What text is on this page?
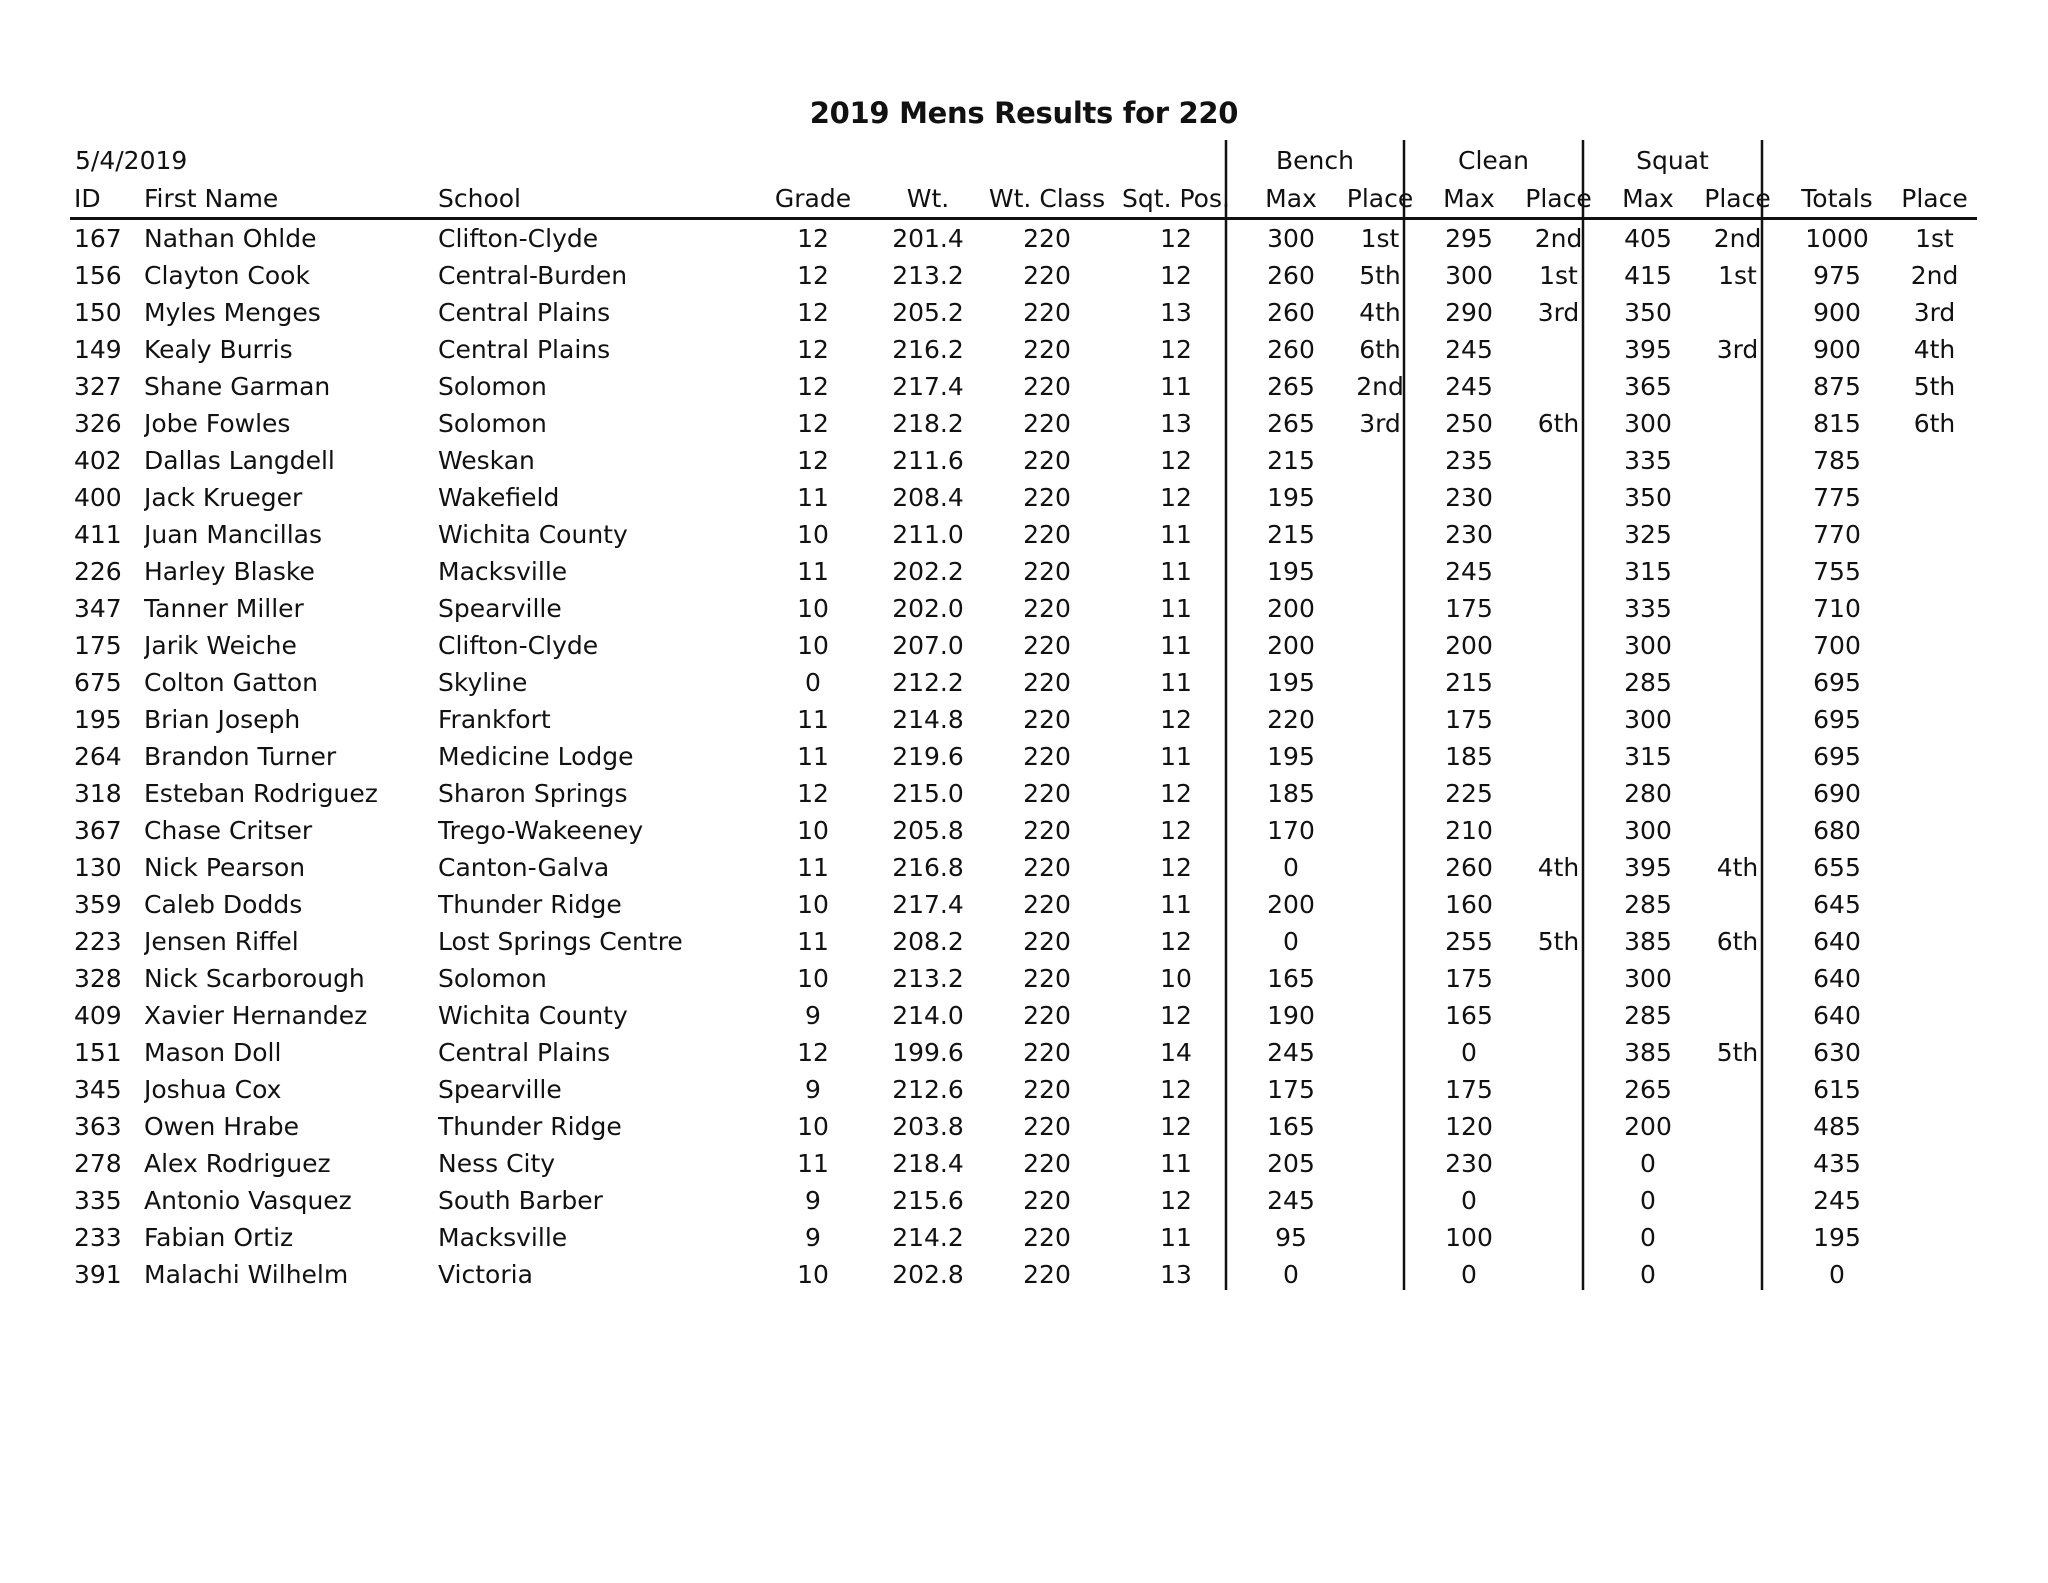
2019 Mens Results for 220
5/4/2019	Bench	Clean	Squat
ID	First Name	School	Grade	Wt.	Wt. Class	Sqt. Pos.	Max	Place	Max	Place	Max	Place	Totals	Place
167	Nathan Ohlde	Clifton-Clyde	12	201.4	220	12	300	1st	295	2nd	405	2nd	1000	1st
156	Clayton Cook	Central-Burden	12	213.2	220	12	260	5th	300	1st	415	1st	975	2nd
150	Myles Menges	Central Plains	12	205.2	220	13	260	4th	290	3rd	350		900	3rd
149	Kealy Burris	Central Plains	12	216.2	220	12	260	6th	245		395	3rd	900	4th
327	Shane Garman	Solomon	12	217.4	220	11	265	2nd	245		365		875	5th
326	Jobe Fowles	Solomon	12	218.2	220	13	265	3rd	250	6th	300		815	6th
402	Dallas Langdell	Weskan	12	211.6	220	12	215		235		335		785	
400	Jack Krueger	Wakefield	11	208.4	220	12	195		230		350		775	
411	Juan Mancillas	Wichita County	10	211.0	220	11	215		230		325		770	
226	Harley Blaske	Macksville	11	202.2	220	11	195		245		315		755	
347	Tanner Miller	Spearville	10	202.0	220	11	200		175		335		710	
175	Jarik Weiche	Clifton-Clyde	10	207.0	220	11	200		200		300		700	
675	Colton Gatton	Skyline	0	212.2	220	11	195		215		285		695	
195	Brian Joseph	Frankfort	11	214.8	220	12	220		175		300		695	
264	Brandon Turner	Medicine Lodge	11	219.6	220	11	195		185		315		695	
318	Esteban Rodriguez	Sharon Springs	12	215.0	220	12	185		225		280		690	
367	Chase Critser	Trego-Wakeeney	10	205.8	220	12	170		210		300		680	
130	Nick Pearson	Canton-Galva	11	216.8	220	12	0		260	4th	395	4th	655	
359	Caleb Dodds	Thunder Ridge	10	217.4	220	11	200		160		285		645	
223	Jensen Riffel	Lost Springs Centre	11	208.2	220	12	0		255	5th	385	6th	640	
328	Nick Scarborough	Solomon	10	213.2	220	10	165		175		300		640	
409	Xavier Hernandez	Wichita County	9	214.0	220	12	190		165		285		640	
151	Mason Doll	Central Plains	12	199.6	220	14	245		0		385	5th	630	
345	Joshua Cox	Spearville	9	212.6	220	12	175		175		265		615	
363	Owen Hrabe	Thunder Ridge	10	203.8	220	12	165		120		200		485	
278	Alex Rodriguez	Ness City	11	218.4	220	11	205		230		0		435	
335	Antonio Vasquez	South Barber	9	215.6	220	12	245		0		0		245	
233	Fabian Ortiz	Macksville	9	214.2	220	11	95		100		0		195	
391	Malachi Wilhelm	Victoria	10	202.8	220	13	0		0		0		0	
